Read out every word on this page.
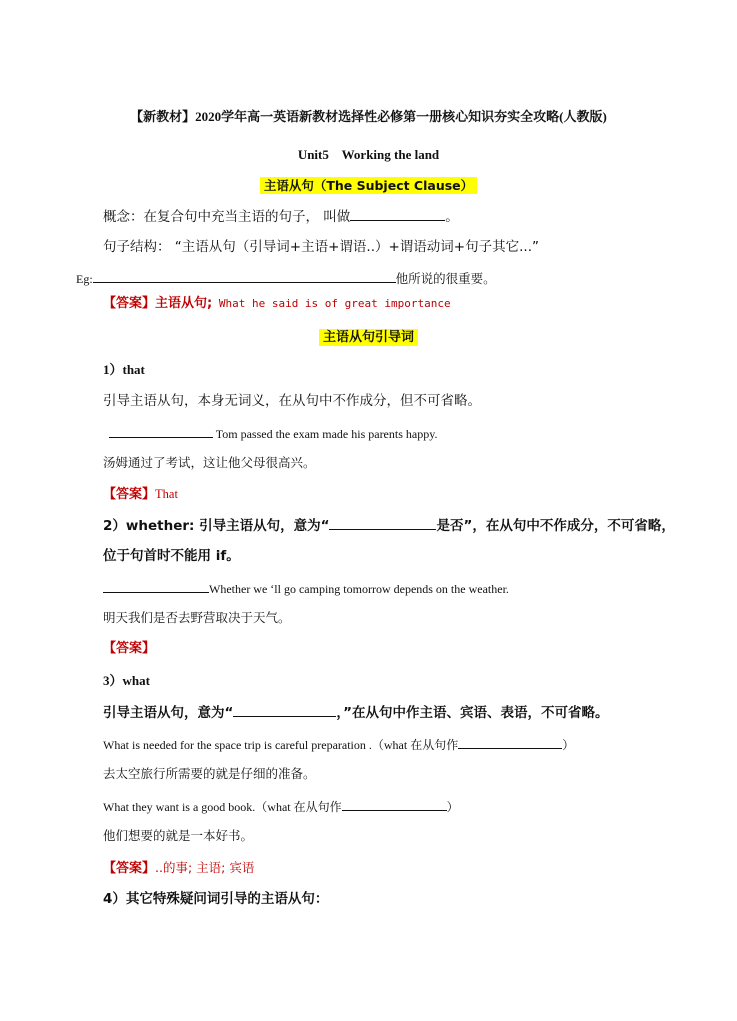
【新教材】2020学年高一英语新教材选择性必修第一册核心知识夯实全攻略(人教版)
Unit5    Working the land
主语从句（The Subject Clause）
概念：在复合句中充当主语的句子， 叫做	。
句子结构： “主语从句（引导词+主语+谓语..）+谓语动词+句子其它...”
Eg:	他所说的很重要。
【答案】主语从句; What he said is of great importance
主语从句引导词
1）that
引导主语从句，本身无词义，在从句中不作成分，但不可省略。
Tom passed the exam made his parents happy.
汤姆通过了考试，这让他父母很高兴。
【答案】That
2）whether: 引导主语从句，意为“	是否”，在从句中不作成分，不可省略，
位于句首时不能用 if。
Whether we ‘ll go camping tomorrow depends on the weather.
明天我们是否去野营取决于天气。
【答案】
3）what
引导主语从句，意为“	，”在从句中作主语、宾语、表语，不可省略。
What is needed for the space trip is careful preparation .（what 在从句作	）
去太空旅行所需要的就是仔细的准备。
What they want is a good book.（what 在从句作	）
他们想要的就是一本好书。
【答案】..的事; 主语; 宾语
4）其它特殊疑问词引导的主语从句：
